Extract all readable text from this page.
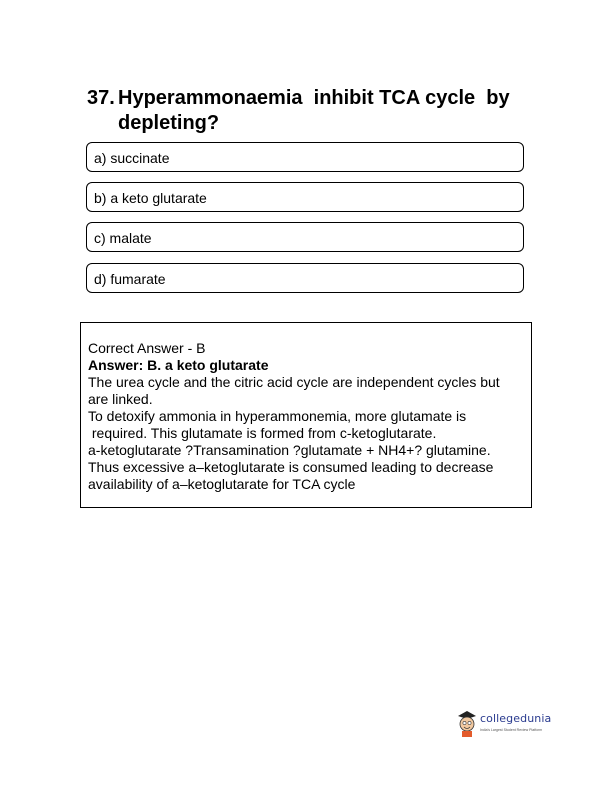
37. Hyperammonaemia  inhibit TCA cycle  by
depleting?
a) succinate
b) a keto glutarate
c) malate
d) fumarate
Correct Answer - B
Answer: B. a keto glutarate
The urea cycle and the citric acid cycle are independent cycles but
are linked.
To detoxify ammonia in hyperammonemia, more glutamate is
required. This glutamate is formed from c-ketoglutarate.
a-ketoglutarate ?Transamination ?glutamate + NH4+? glutamine.
Thus excessive a–ketoglutarate is consumed leading to decrease
availability of a–ketoglutarate for TCA cycle
collegedunia
India's Largest Student Review Platform
